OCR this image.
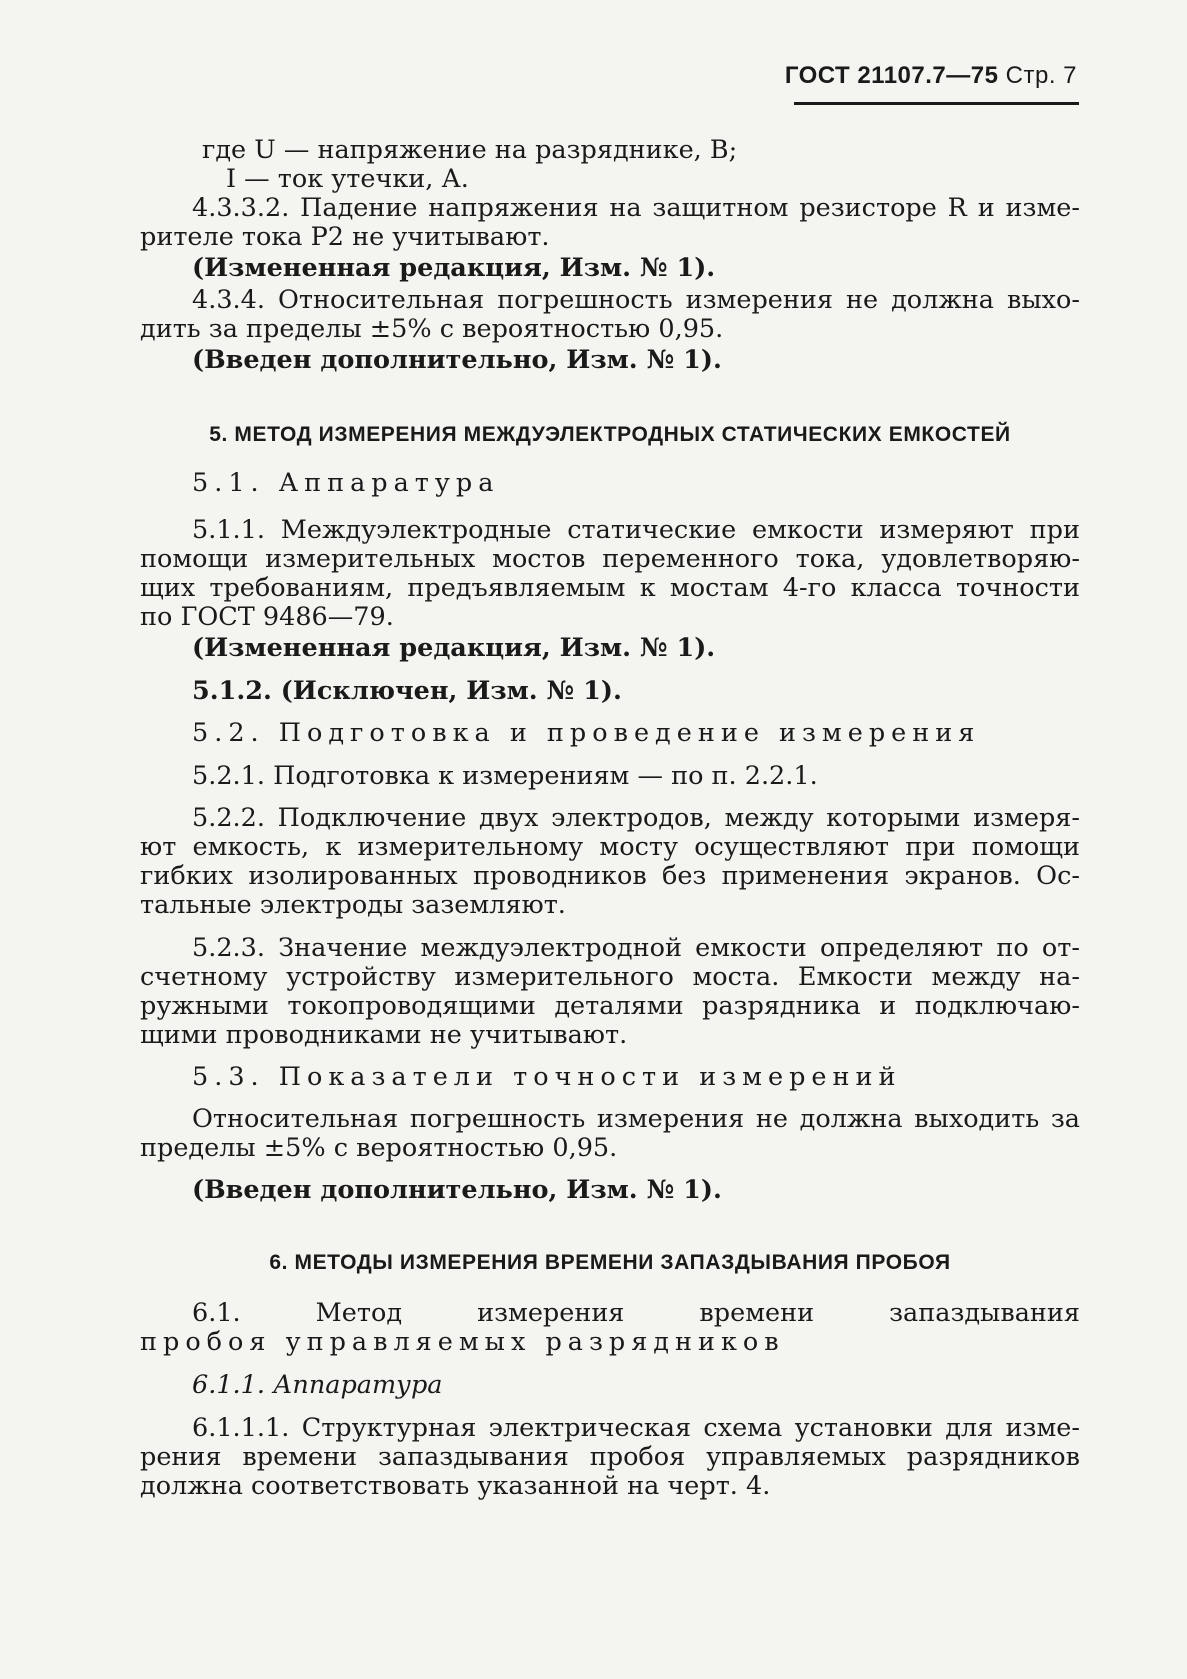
ГОСТ 21107.7—75 Стр. 7
где U — напряжение на разряднике, В;
I — ток утечки, А.
4.3.3.2. Падение напряжения на защитном резисторе R и изме-
рителе тока P2 не учитывают.
(Измененная редакция, Изм. № 1).
4.3.4. Относительная погрешность измерения не должна выхо-
дить за пределы ±5% с вероятностью 0,95.
(Введен дополнительно, Изм. № 1).
5. МЕТОД ИЗМЕРЕНИЯ МЕЖДУЭЛЕКТРОДНЫХ СТАТИЧЕСКИХ ЕМКОСТЕЙ
5.1. Аппаратура
5.1.1. Междуэлектродные статические емкости измеряют при
помощи измерительных мостов переменного тока, удовлетворяю-
щих требованиям, предъявляемым к мостам 4-го класса точности
по ГОСТ 9486—79.
(Измененная редакция, Изм. № 1).
5.1.2. (Исключен, Изм. № 1).
5.2. Подготовка и проведение измерения
5.2.1. Подготовка к измерениям — по п. 2.2.1.
5.2.2. Подключение двух электродов, между которыми измеря-
ют емкость, к измерительному мосту осуществляют при помощи
гибких изолированных проводников без применения экранов. Ос-
тальные электроды заземляют.
5.2.3. Значение междуэлектродной емкости определяют по от-
счетному устройству измерительного моста. Емкости между на-
ружными токопроводящими деталями разрядника и подключаю-
щими проводниками не учитывают.
5.3. Показатели точности измерений
Относительная погрешность измерения не должна выходить за
пределы ±5% с вероятностью 0,95.
(Введен дополнительно, Изм. № 1).
6. МЕТОДЫ ИЗМЕРЕНИЯ ВРЕМЕНИ ЗАПАЗДЫВАНИЯ ПРОБОЯ
6.1. Метод измерения времени запаздывания
пробоя управляемых разрядников
6.1.1. Аппаратура
6.1.1.1. Структурная электрическая схема установки для изме-
рения времени запаздывания пробоя управляемых разрядников
должна соответствовать указанной на черт. 4.
